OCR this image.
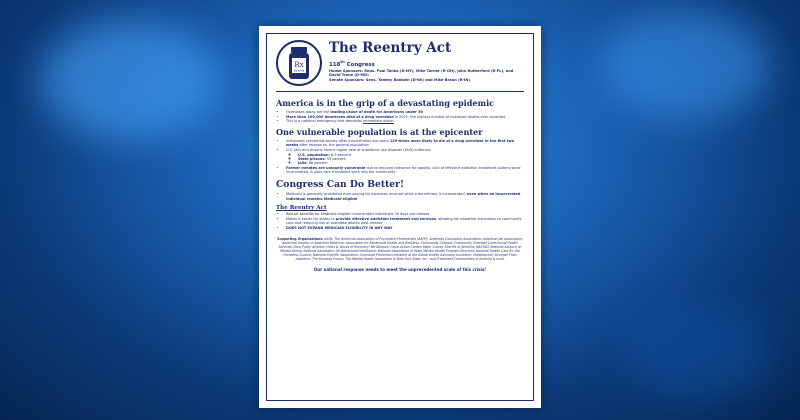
Rx
Opioids
The Reentry Act
118th Congress
House Sponsors: Reps. Paul Tonko (D-NY), Mike Turner (R-OH), John Rutherford (R-FL), and David Trone (D-MD)
Senate Sponsors: Sens. Tammy Baldwin (D-WI) and Mike Braun (R-IN)
America is in the grip of a devastating epidemic
• Overdoses today are the leading cause of death for Americans under 50
• More than 100,000 Americans died of a drug overdose in 2021, the highest number of overdose deaths ever recorded
• This is a national emergency that demands immediate action
One vulnerable population is at the epicenter
• Individuals reentering society after incarceration are some 129 times more likely to die of a drug overdose in the first two weeks after release vs. the general population
• U.S. jails and prisons have a higher rate of substance use disorder (SUD) sufferers:
◦ U.S. population: 8.5 percent
◦ State prisons: 53 percent
◦ Jails: 68 percent
• Former inmates are uniquely vulnerable due to reduced tolerance for opioids, lack of effective addiction treatment options while incarcerated, & poor care transitions back into the community
Congress Can Do Better!
• Medicaid is generally prohibited from paying for expenses incurred while a beneficiary is incarcerated, even when an incarcerated individual remains Medicaid eligible
The Reentry Act
• Restart benefits for Medicaid-eligible incarcerated individuals 30 days pre-release
• Makes it easier for states to provide effective addiction treatment and services, allowing for smoother transitions to community care and reducing risk of overdose deaths post-release
• DOES NOT EXPAND MEDICAID ELIGIBILITY IN ANY WAY
Supporting Organizations: AAPA; The American Association of Psychiatric Pharmacists (AAPP); American Counseling Association; American Jail Association; American Society of Addiction Medicine; Association for Behavioral Health and Wellness; Community Catalyst; Community Oriented Correctional Health Services; Drug Policy Alliance; Hosts & Voices of Recovery; NH Alliance; Legal Action Center; Major County Sheriffs of America; NASTAD; National Alliance on Mental Illness; National Association for Behavioral Healthcare; National Association of State Mental Health Program Directors; National Health Care for the Homeless Council; National Sheriffs' Association; Overdose Prevention Initiative at the Global Health Advocacy Incubator; Shatterproof; Stronger Than Addiction; The Kennedy Forum; The Mental Health Association in New York State, Inc.; and Treatment Communities of America & more
Our national response needs to meet the unprecedented scale of this crisis!
